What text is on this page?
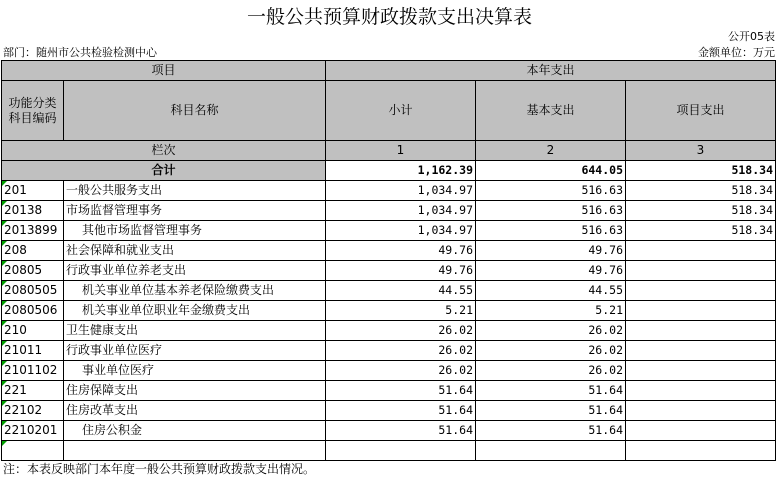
一般公共预算财政拨款支出决算表
公开05表
部门：随州市公共检验检测中心	金额单位：万元
项目		本年支出		
功能分类科目编码	科目名称	小计	基本支出	项目支出
栏次		1	2	3
合计		1,162.39	644.05	518.34
201	一般公共服务支出	1,034.97	516.63	518.34
20138	市场监督管理事务	1,034.97	516.63	518.34
2013899	其他市场监督管理事务	1,034.97	516.63	518.34
208	社会保障和就业支出	49.76	49.76	
20805	行政事业单位养老支出	49.76	49.76	
2080505	机关事业单位基本养老保险缴费支出	44.55	44.55	
2080506	机关事业单位职业年金缴费支出	5.21	5.21	
210	卫生健康支出	26.02	26.02	
21011	行政事业单位医疗	26.02	26.02	
2101102	事业单位医疗	26.02	26.02	
221	住房保障支出	51.64	51.64	
22102	住房改革支出	51.64	51.64	
2210201	住房公积金	51.64	51.64	

注：本表反映部门本年度一般公共预算财政拨款支出情况。
